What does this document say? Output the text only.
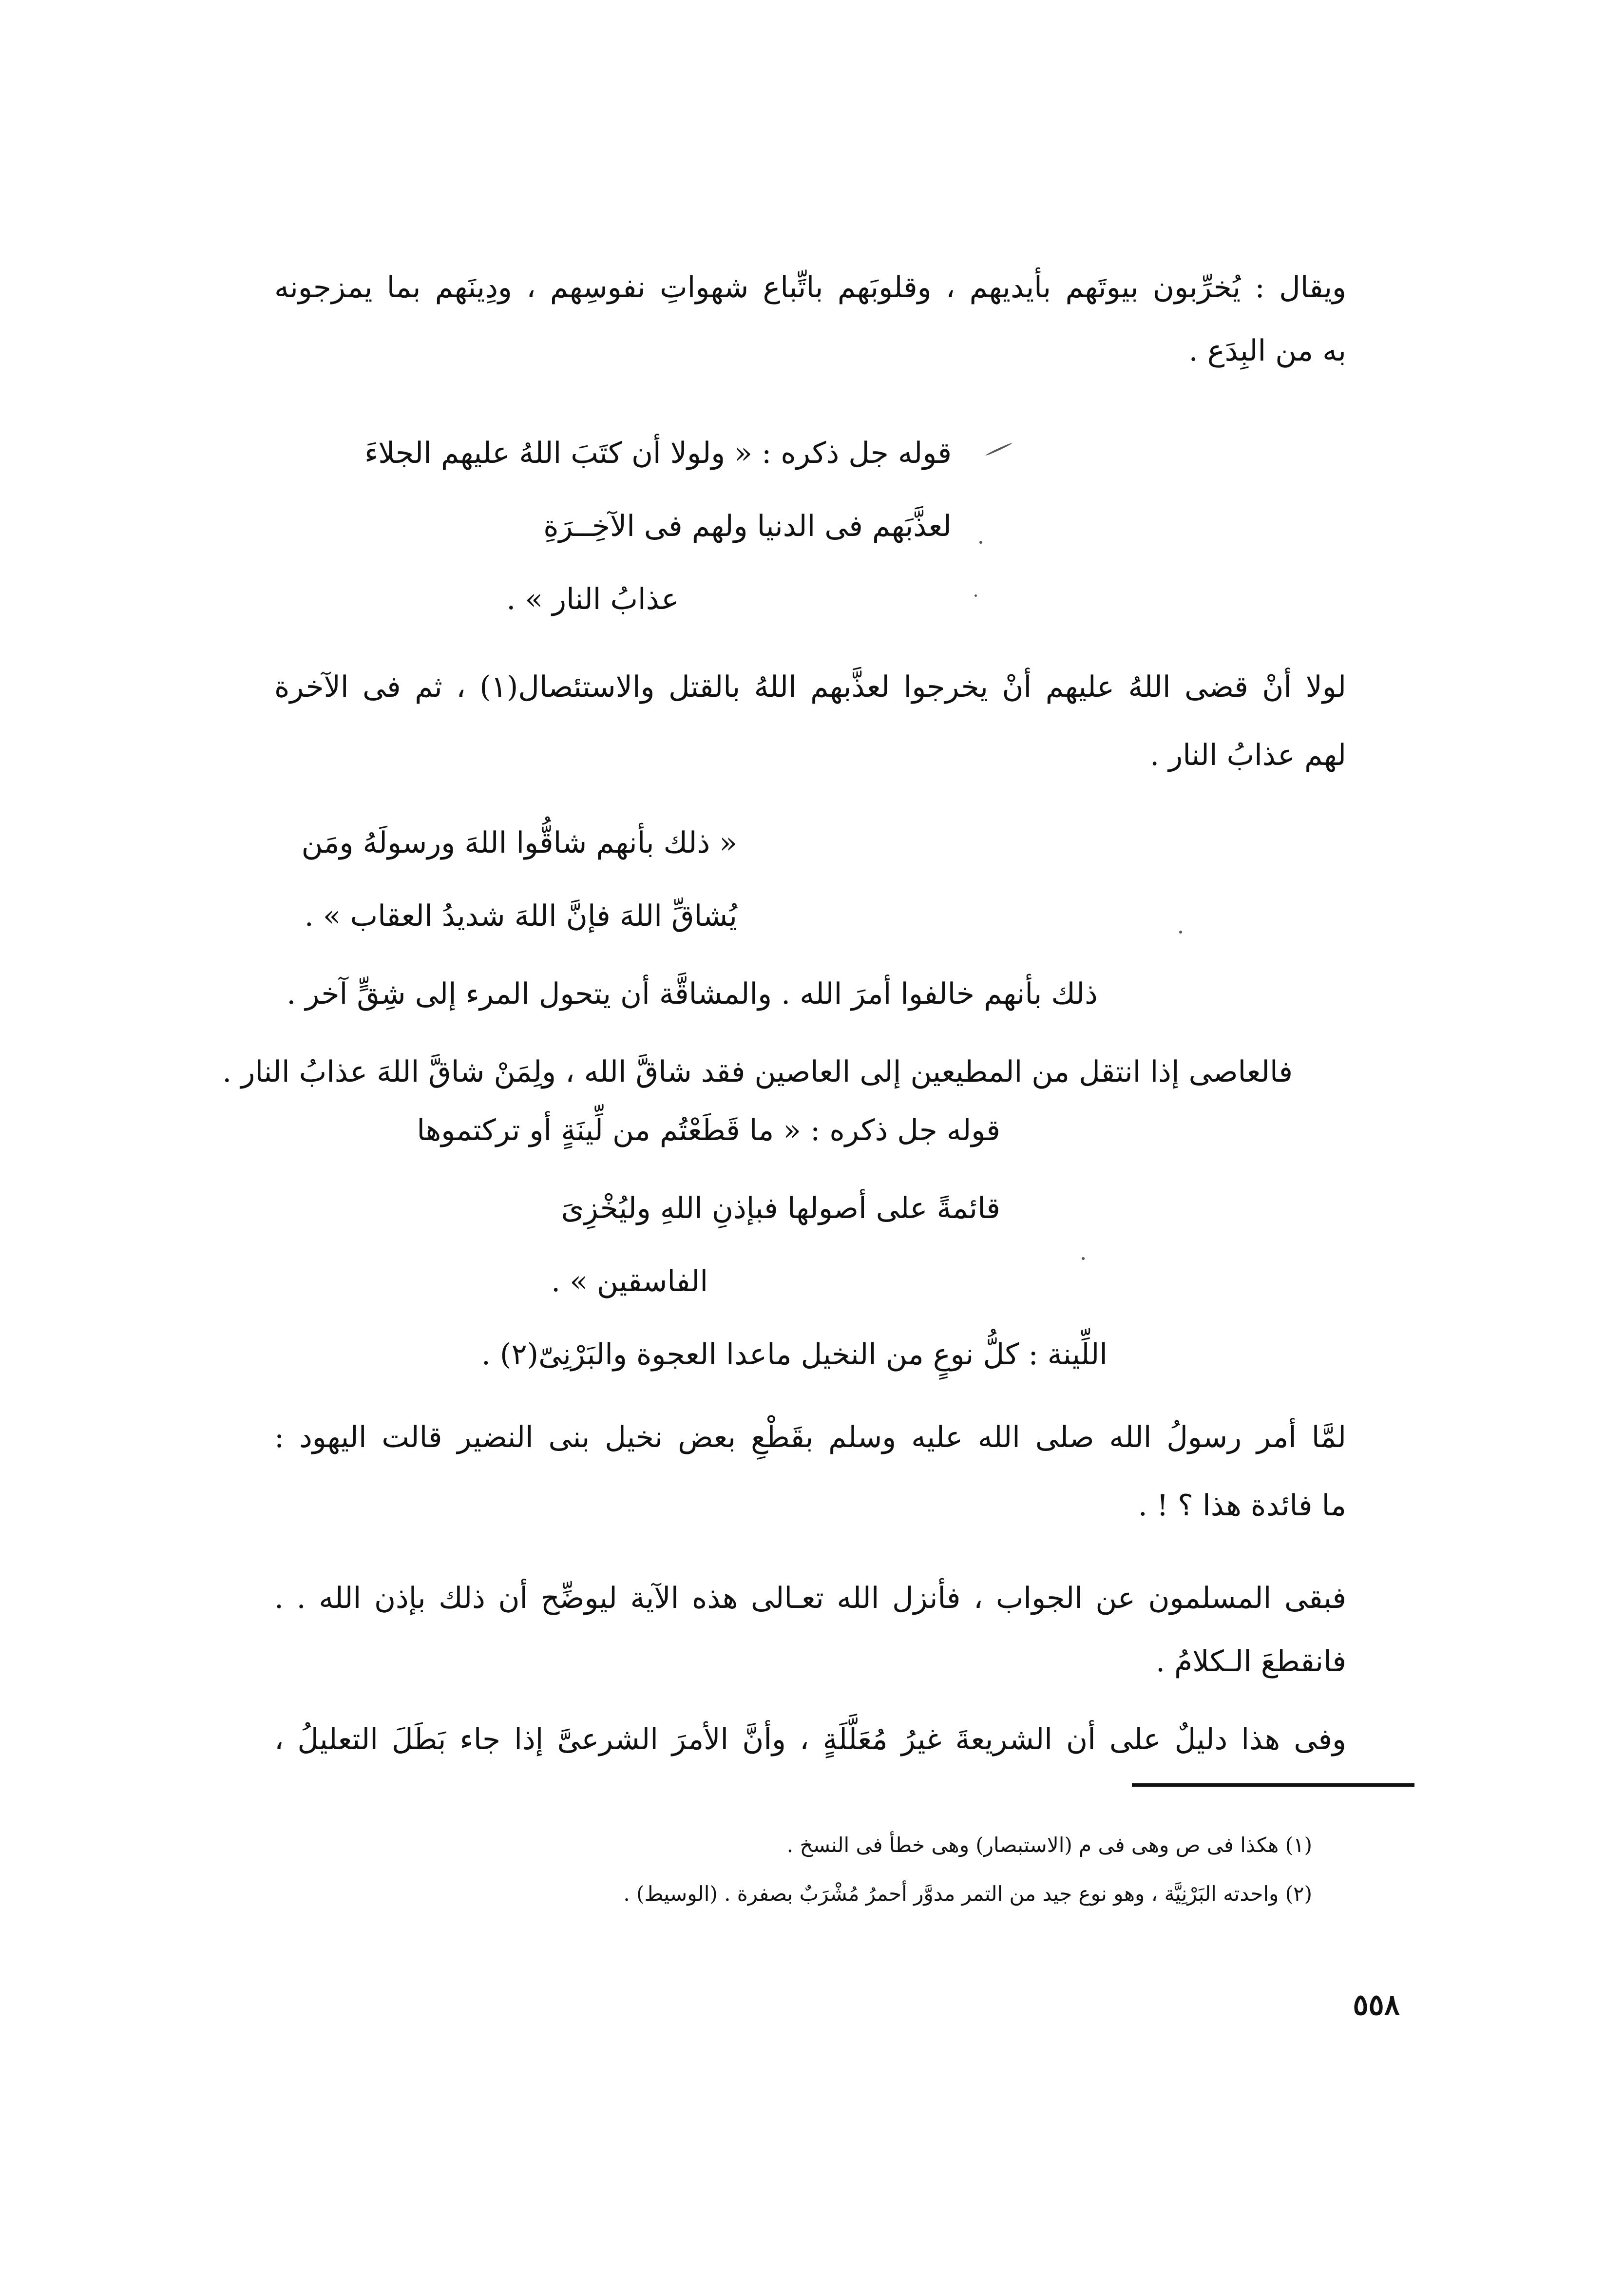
ويقال : يُخرِّبون بيوتَهم بأيديهم ، وقلوبَهم باتِّباع شهواتِ نفوسِهم ، ودِينَهم بما يمزجونه

به من البِدَع .

قوله جل ذكره : « ولولا أن كتَبَ اللهُ عليهم الجلاءَ

لعذَّبَهم فى الدنيا ولهم فى الآخِــرَةِ

عذابُ النار » .

لولا أنْ قضى اللهُ عليهم أنْ يخرجوا لعذَّبهم اللهُ بالقتل والاستئصال(١) ، ثم فى الآخرة

لهم عذابُ النار .

« ذلك بأنهم شاقُّوا اللهَ ورسولَهُ ومَن

يُشاقِّ اللهَ فإنَّ اللهَ شديدُ العقاب » .

ذلك بأنهم خالفوا أمرَ الله . والمشاقَّة أن يتحول المرء إلى شِقٍّ آخر .

فالعاصى إذا انتقل من المطيعين إلى العاصين فقد شاقَّ الله ، ولِمَنْ شاقَّ اللهَ عذابُ النار .

قوله جل ذكره : « ما قَطَعْتُم من لِّينَةٍ أو تركتموها

قائمةً على أصولها فبإذنِ اللهِ وليُخْزِىَ

الفاسقين » .

اللِّينة : كلُّ نوعٍ من النخيل ماعدا العجوة والبَرْنِىّ(٢) .

لمَّا أمر رسولُ الله صلى الله عليه وسلم بقَطْعِ بعض نخيل بنى النضير قالت اليهود :

ما فائدة هذا ؟ ! .

فبقى المسلمون عن الجواب ، فأنزل الله تعـالى هذه الآية ليوضِّح أن ذلك بإذن الله . .

فانقطعَ الـكلامُ .

وفى هذا دليلٌ على أن الشريعةَ غيرُ مُعَلَّلَةٍ ، وأنَّ الأمرَ الشرعىَّ إذا جاء بَطَلَ التعليلُ ،

(١) هكذا فى ص وهى فى م (الاستبصار) وهى خطأ فى النسخ .

(٢) واحدته البَرْنِيَّة ، وهو نوع جيد من التمر مدوَّر أحمرُ مُشْرَبٌ بصفرة . (الوسيط) .

٥٥٨
